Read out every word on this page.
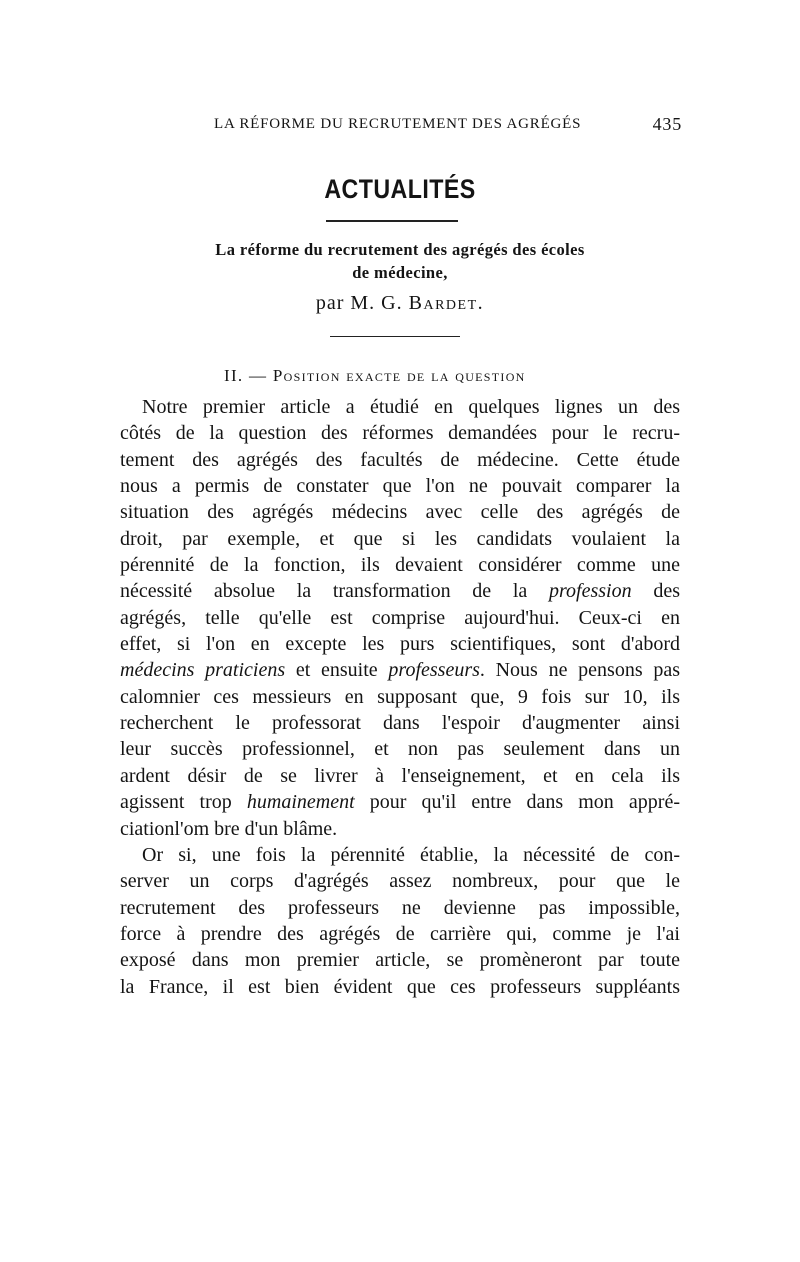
LA RÉFORME DU RECRUTEMENT DES AGRÉGÉS	435
ACTUALITÉS
La réforme du recrutement des agrégés des écoles
de médecine,
par M. G. Bardet.
II. — Position exacte de la question
Notre premier article a étudié en quelques lignes un des
côtés de la question des réformes demandées pour le recru-
tement des agrégés des facultés de médecine. Cette étude
nous a permis de constater que l'on ne pouvait comparer la
situation des agrégés médecins avec celle des agrégés de
droit, par exemple, et que si les candidats voulaient la
pérennité de la fonction, ils devaient considérer comme une
nécessité absolue la transformation de la profession des
agrégés, telle qu'elle est comprise aujourd'hui. Ceux-ci en
effet, si l'on en excepte les purs scientifiques, sont d'abord
médecins praticiens et ensuite professeurs. Nous ne pensons pas
calomnier ces messieurs en supposant que, 9 fois sur 10, ils
recherchent le professorat dans l'espoir d'augmenter ainsi
leur succès professionnel, et non pas seulement dans un
ardent désir de se livrer à l'enseignement, et en cela ils
agissent trop humainement pour qu'il entre dans mon appré-
ciationl'om bre d'un blâme.
Or si, une fois la pérennité établie, la nécessité de con-
server un corps d'agrégés assez nombreux, pour que le
recrutement des professeurs ne devienne pas impossible,
force à prendre des agrégés de carrière qui, comme je l'ai
exposé dans mon premier article, se promèneront par toute
la France, il est bien évident que ces professeurs suppléants
